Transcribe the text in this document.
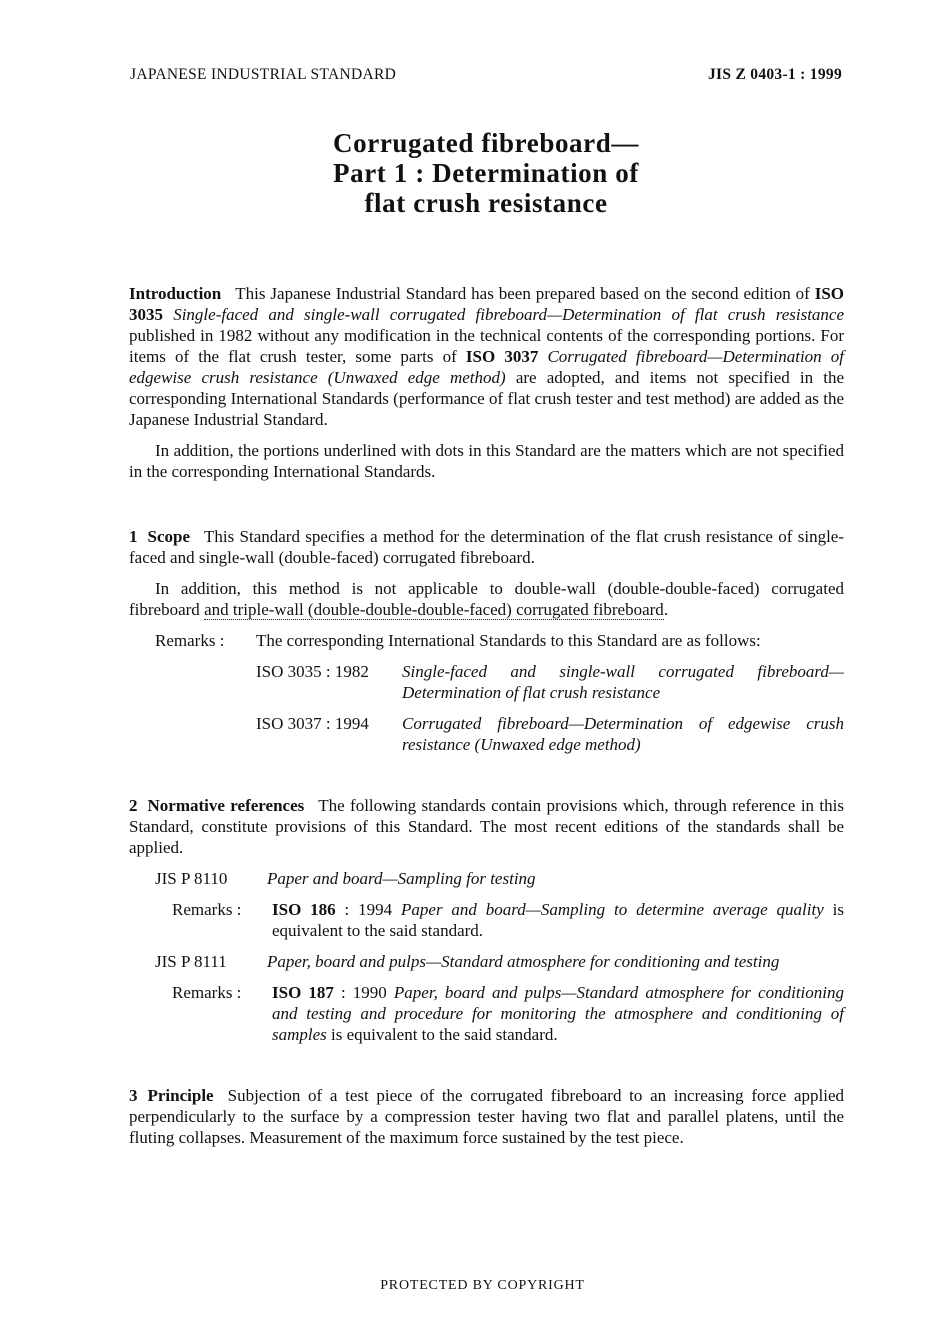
JAPANESE INDUSTRIAL STANDARD	JIS Z 0403-1 : 1999
Corrugated fibreboard—
Part 1 : Determination of
flat crush resistance

Introduction This Japanese Industrial Standard has been prepared based on the second edition of ISO 3035 Single-faced and single-wall corrugated fibreboard—Determination of flat crush resistance published in 1982 without any modification in the technical contents of the corresponding portions. For items of the flat crush tester, some parts of ISO 3037 Corrugated fibreboard—Determination of edgewise crush resistance (Unwaxed edge method) are adopted, and items not specified in the corresponding International Standards (performance of flat crush tester and test method) are added as the Japanese Industrial Standard.

In addition, the portions underlined with dots in this Standard are the matters which are not specified in the corresponding International Standards.

1 Scope This Standard specifies a method for the determination of the flat crush resistance of single-faced and single-wall (double-faced) corrugated fibreboard.

In addition, this method is not applicable to double-wall (double-double-faced) corrugated fibreboard and triple-wall (double-double-double-faced) corrugated fibreboard.

Remarks :	The corresponding International Standards to this Standard are as follows:
ISO 3035 : 1982	Single-faced and single-wall corrugated fibreboard—Determination of flat crush resistance
ISO 3037 : 1994	Corrugated fibreboard—Determination of edgewise crush resistance (Unwaxed edge method)

2 Normative references The following standards contain provisions which, through reference in this Standard, constitute provisions of this Standard. The most recent editions of the standards shall be applied.

JIS P 8110	Paper and board—Sampling for testing
Remarks :	ISO 186 : 1994 Paper and board—Sampling to determine average quality is equivalent to the said standard.
JIS P 8111	Paper, board and pulps—Standard atmosphere for conditioning and testing
Remarks :	ISO 187 : 1990 Paper, board and pulps—Standard atmosphere for conditioning and testing and procedure for monitoring the atmosphere and conditioning of samples is equivalent to the said standard.

3 Principle Subjection of a test piece of the corrugated fibreboard to an increasing force applied perpendicularly to the surface by a compression tester having two flat and parallel platens, until the fluting collapses. Measurement of the maximum force sustained by the test piece.

PROTECTED BY COPYRIGHT
